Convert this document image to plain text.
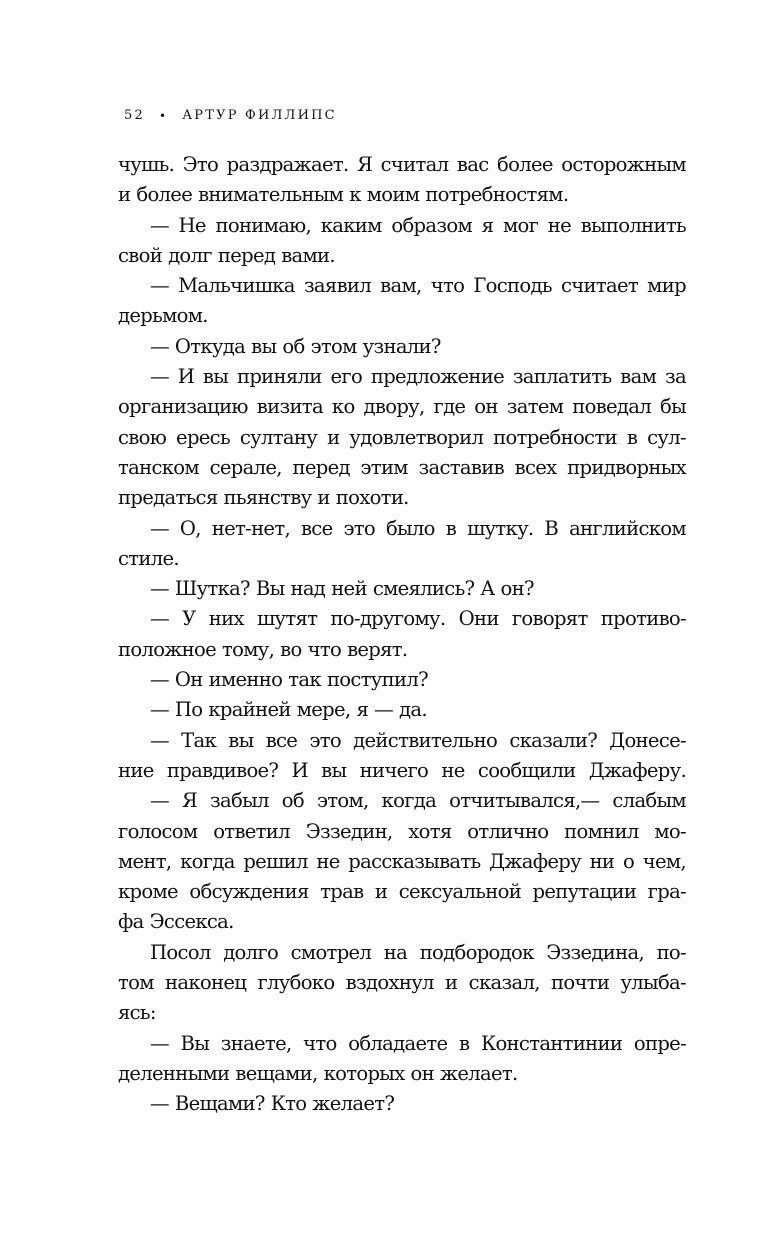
52 • АРТУР ФИЛЛИПС
чушь. Это раздражает. Я считал вас более осторожным
и более внимательным к моим потребностям.
— Не понимаю, каким образом я мог не выполнить
свой долг перед вами.
— Мальчишка заявил вам, что Господь считает мир
дерьмом.
— Откуда вы об этом узнали?
— И вы приняли его предложение заплатить вам за
организацию визита ко двору, где он затем поведал бы
свою ересь султану и удовлетворил потребности в сул-
танском серале, перед этим заставив всех придворных
предаться пьянству и похоти.
— О, нет-нет, все это было в шутку. В английском
стиле.
— Шутка? Вы над ней смеялись? А он?
— У них шутят по-другому. Они говорят противо-
положное тому, во что верят.
— Он именно так поступил?
— По крайней мере, я — да.
— Так вы все это действительно сказали? Донесе-
ние правдивое? И вы ничего не сообщили Джаферу.
— Я забыл об этом, когда отчитывался,— слабым
голосом ответил Эззедин, хотя отлично помнил мо-
мент, когда решил не рассказывать Джаферу ни о чем,
кроме обсуждения трав и сексуальной репутации гра-
фа Эссекса.
Посол долго смотрел на подбородок Эззедина, по-
том наконец глубоко вздохнул и сказал, почти улыба-
ясь:
— Вы знаете, что обладаете в Константинии опре-
деленными вещами, которых он желает.
— Вещами? Кто желает?
